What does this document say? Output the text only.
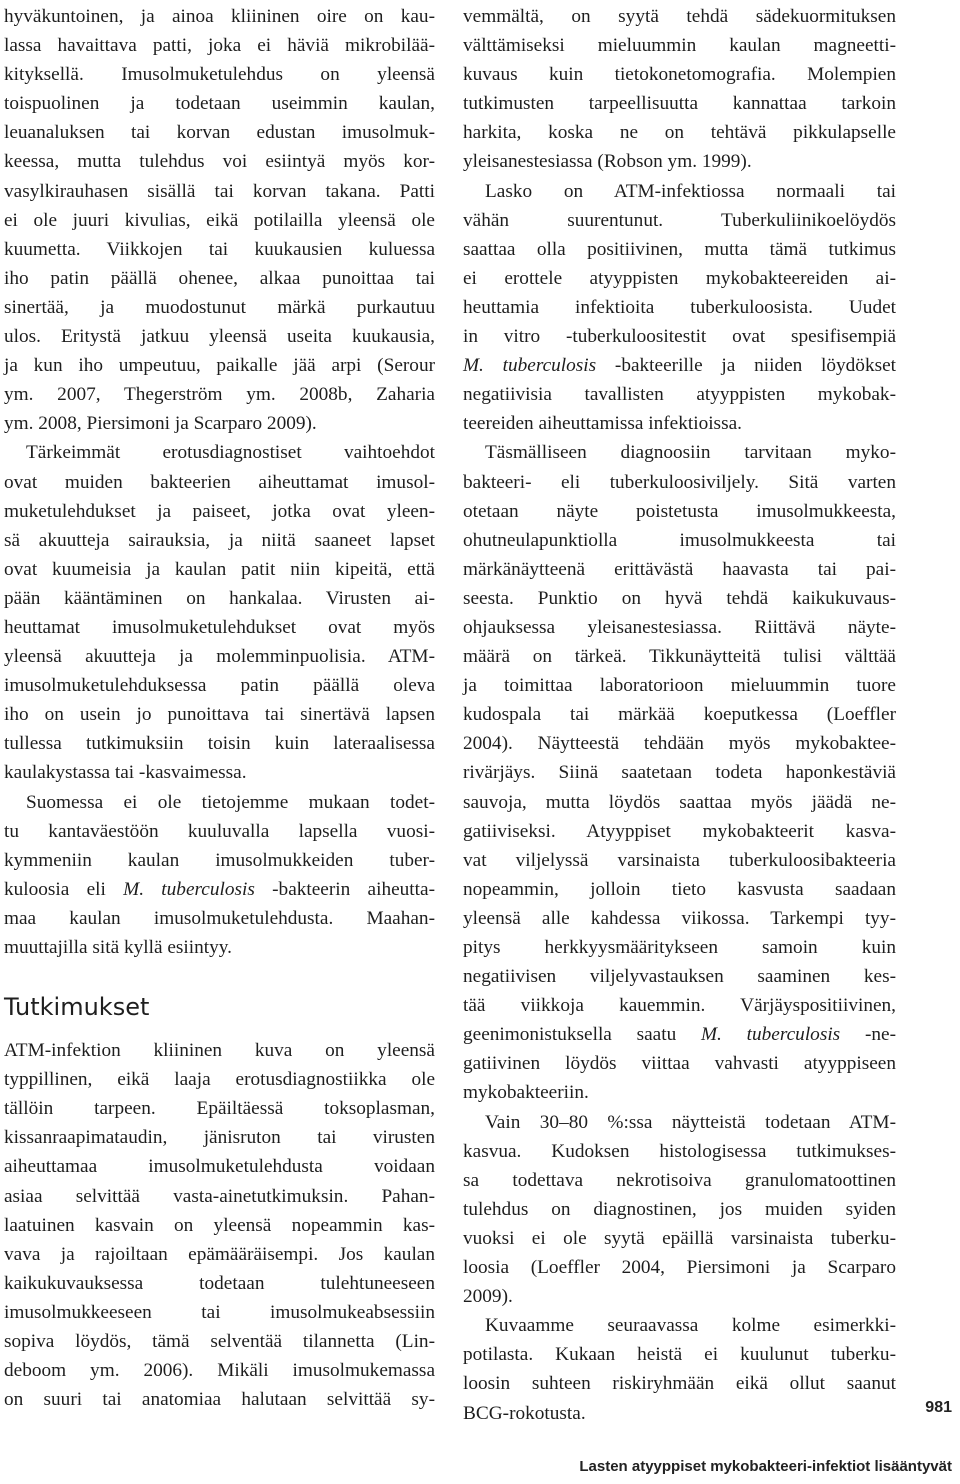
hyväkuntoinen, ja ainoa kliininen oire on kau-
lassa havaittava patti, joka ei häviä mikrobilää-
kityksellä. Imusolmuketulehdus on yleensä
toispuolinen ja todetaan useimmin kaulan,
leuanaluksen tai korvan edustan imusolmuk-
keessa, mutta tulehdus voi esiintyä myös kor-
vasylkirauhasen sisällä tai korvan takana. Patti
ei ole juuri kivulias, eikä potilailla yleensä ole
kuumetta. Viikkojen tai kuukausien kuluessa
iho patin päällä ohenee, alkaa punoittaa tai
sinertää, ja muodostunut märkä purkautuu
ulos. Eritystä jatkuu yleensä useita kuukausia,
ja kun iho umpeutuu, paikalle jää arpi (Serour
ym. 2007, Thegerström ym. 2008b, Zaharia
ym. 2008, Piersimoni ja Scarparo 2009).
Tärkeimmät erotusdiagnostiset vaihtoehdot
ovat muiden bakteerien aiheuttamat imusol-
muketulehdukset ja paiseet, jotka ovat yleen-
sä akuutteja sairauksia, ja niitä saaneet lapset
ovat kuumeisia ja kaulan patit niin kipeitä, että
pään kääntäminen on hankalaa. Virusten ai-
heuttamat imusolmuketulehdukset ovat myös
yleensä akuutteja ja molemminpuolisia. ATM-
imusolmuketulehduksessa patin päällä oleva
iho on usein jo punoittava tai sinertävä lapsen
tullessa tutkimuksiin toisin kuin lateraalisessa
kaulakystassa tai -kasvaimessa.
Suomessa ei ole tietojemme mukaan todet-
tu kantaväestöön kuuluvalla lapsella vuosi-
kymmeniin kaulan imusolmukkeiden tuber-
kuloosia eli M. tuberculosis -bakteerin aiheutta-
maa kaulan imusolmuketulehdusta. Maahan-
muuttajilla sitä kyllä esiintyy.
Tutkimukset
ATM-infektion kliininen kuva on yleensä
typpillinen, eikä laaja erotusdiagnostiikka ole
tällöin tarpeen. Epäiltäessä toksoplasman,
kissanraapimataudin, jänisruton tai virusten
aiheuttamaa imusolmuketulehdusta voidaan
asiaa selvittää vasta-ainetutkimuksin. Pahan-
laatuinen kasvain on yleensä nopeammin kas-
vava ja rajoiltaan epämääräisempi. Jos kaulan
kaikukuvauksessa todetaan tulehtuneeseen
imusolmukkeeseen tai imusolmukeabsessiin
sopiva löydös, tämä selventää tilannetta (Lin-
deboom ym. 2006). Mikäli imusolmukemassa
on suuri tai anatomiaa halutaan selvittää sy-
vemmältä, on syytä tehdä sädekuormituksen
välttämiseksi mieluummin kaulan magneetti-
kuvaus kuin tietokonetomografia. Molempien
tutkimusten tarpeellisuutta kannattaa tarkoin
harkita, koska ne on tehtävä pikkulapselle
yleisanestesiassa (Robson ym. 1999).
Lasko on ATM-infektiossa normaali tai
vähän suurentunut. Tuberkuliinikoelöydös
saattaa olla positiivinen, mutta tämä tutkimus
ei erottele atyyppisten mykobakteereiden ai-
heuttamia infektioita tuberkuloosista. Uudet
in vitro -tuberkuloositestit ovat spesifisempiä
M. tuberculosis -bakteerille ja niiden löydökset
negatiivisia tavallisten atyyppisten mykobak-
teereiden aiheuttamissa infektioissa.
Täsmälliseen diagnoosiin tarvitaan myko-
bakteeri- eli tuberkuloosiviljely. Sitä varten
otetaan näyte poistetusta imusolmukkeesta,
ohutneulapunktiolla imusolmukkeesta tai
märkänäytteenä erittävästä haavasta tai pai-
seesta. Punktio on hyvä tehdä kaikukuvaus-
ohjauksessa yleisanestesiassa. Riittävä näyte-
määrä on tärkeä. Tikkunäytteitä tulisi välttää
ja toimittaa laboratorioon mieluummin tuore
kudospala tai märkää koeputkessa (Loeffler
2004). Näytteestä tehdään myös mykobaktee-
rivärjäys. Siinä saatetaan todeta haponkestäviä
sauvoja, mutta löydös saattaa myös jäädä ne-
gatiiviseksi. Atyyppiset mykobakteerit kasva-
vat viljelyssä varsinaista tuberkuloosibakteeria
nopeammin, jolloin tieto kasvusta saadaan
yleensä alle kahdessa viikossa. Tarkempi tyy-
pitys herkkyysmääritykseen samoin kuin
negatiivisen viljelyvastauksen saaminen kes-
tää viikkoja kauemmin. Värjäyspositiivinen,
geenimonistuksella saatu M. tuberculosis -ne-
gatiivinen löydös viittaa vahvasti atyyppiseen
mykobakteeriin.
Vain 30–80 %:ssa näytteistä todetaan ATM-
kasvua. Kudoksen histologisessa tutkimukses-
sa todettava nekrotisoiva granulomatoottinen
tulehdus on diagnostinen, jos muiden syiden
vuoksi ei ole syytä epäillä varsinaista tuberku-
loosia (Loeffler 2004, Piersimoni ja Scarparo
2009).
Kuvaamme seuraavassa kolme esimerkki-
potilasta. Kukaan heistä ei kuulunut tuberku-
loosin suhteen riskiryhmään eikä ollut saanut
BCG-rokotusta.	981
Lasten atyyppiset mykobakteeri-infektiot lisääntyvät
